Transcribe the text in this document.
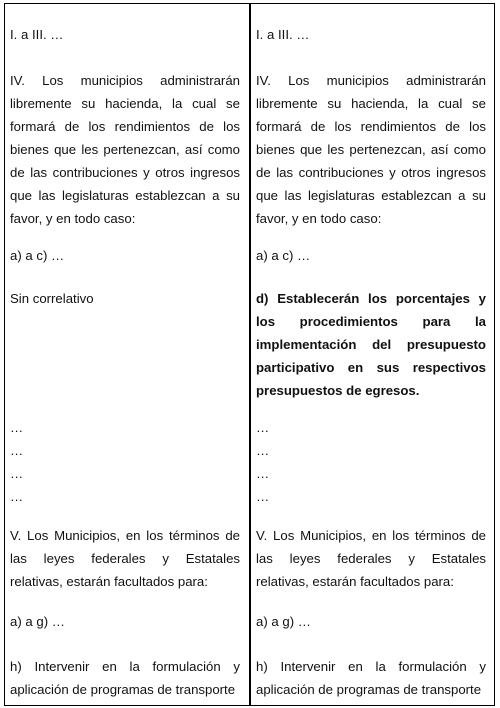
I. a III. …

IV. Los municipios administrarán libremente su hacienda, la cual se formará de los rendimientos de los bienes que les pertenezcan, así como de las contribuciones y otros ingresos que las legislaturas establezcan a su favor, y en todo caso:

a) a c) …

Sin correlativo

…
…
…
…

V. Los Municipios, en los términos de las leyes federales y Estatales relativas, estarán facultados para:

a) a g) …

h) Intervenir en la formulación y aplicación de programas de transporte

I. a III. …

IV. Los municipios administrarán libremente su hacienda, la cual se formará de los rendimientos de los bienes que les pertenezcan, así como de las contribuciones y otros ingresos que las legislaturas establezcan a su favor, y en todo caso:

a) a c) …

d) Establecerán los porcentajes y los procedimientos para la implementación del presupuesto participativo en sus respectivos presupuestos de egresos.

…
…
…
…

V. Los Municipios, en los términos de las leyes federales y Estatales relativas, estarán facultados para:

a) a g) …

h) Intervenir en la formulación y aplicación de programas de transporte
